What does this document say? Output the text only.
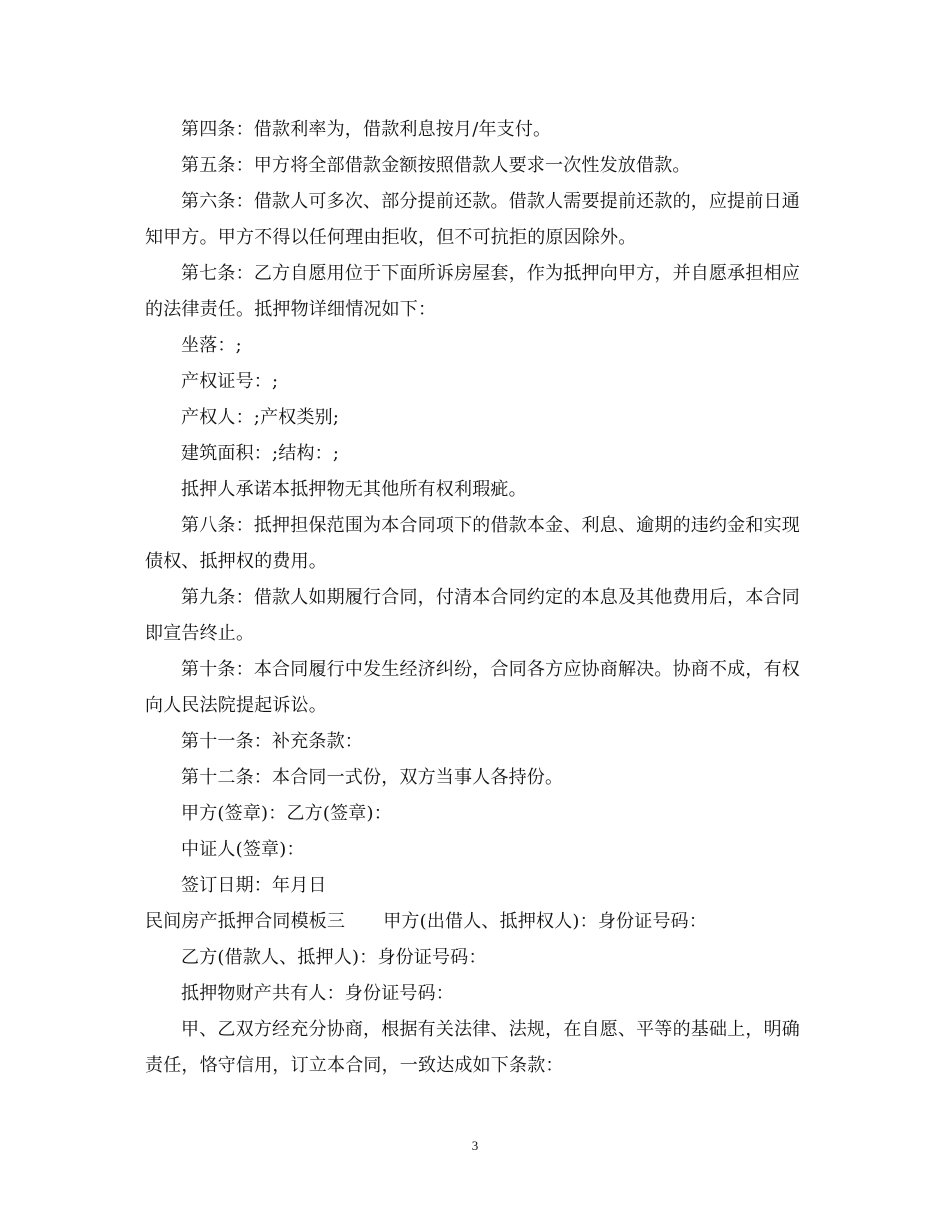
第四条：借款利率为，借款利息按月/年支付。

第五条：甲方将全部借款金额按照借款人要求一次性发放借款。

第六条：借款人可多次、部分提前还款。借款人需要提前还款的，应提前日通知甲方。甲方不得以任何理由拒收，但不可抗拒的原因除外。

第七条：乙方自愿用位于下面所诉房屋套，作为抵押向甲方，并自愿承担相应的法律责任。抵押物详细情况如下：

坐落：;

产权证号：;

产权人：;产权类别;

建筑面积：;结构：;

抵押人承诺本抵押物无其他所有权利瑕疵。

第八条：抵押担保范围为本合同项下的借款本金、利息、逾期的违约金和实现债权、抵押权的费用。

第九条：借款人如期履行合同，付清本合同约定的本息及其他费用后，本合同即宣告终止。

第十条：本合同履行中发生经济纠纷，合同各方应协商解决。协商不成，有权向人民法院提起诉讼。

第十一条：补充条款：

第十二条：本合同一式份，双方当事人各持份。

甲方(签章)：乙方(签章)：

中证人(签章)：

签订日期：年月日

民间房产抵押合同模板三 甲方(出借人、抵押权人)：身份证号码：

乙方(借款人、抵押人)：身份证号码：

抵押物财产共有人：身份证号码：

甲、乙双方经充分协商，根据有关法律、法规，在自愿、平等的基础上，明确责任，恪守信用，订立本合同，一致达成如下条款：

3
